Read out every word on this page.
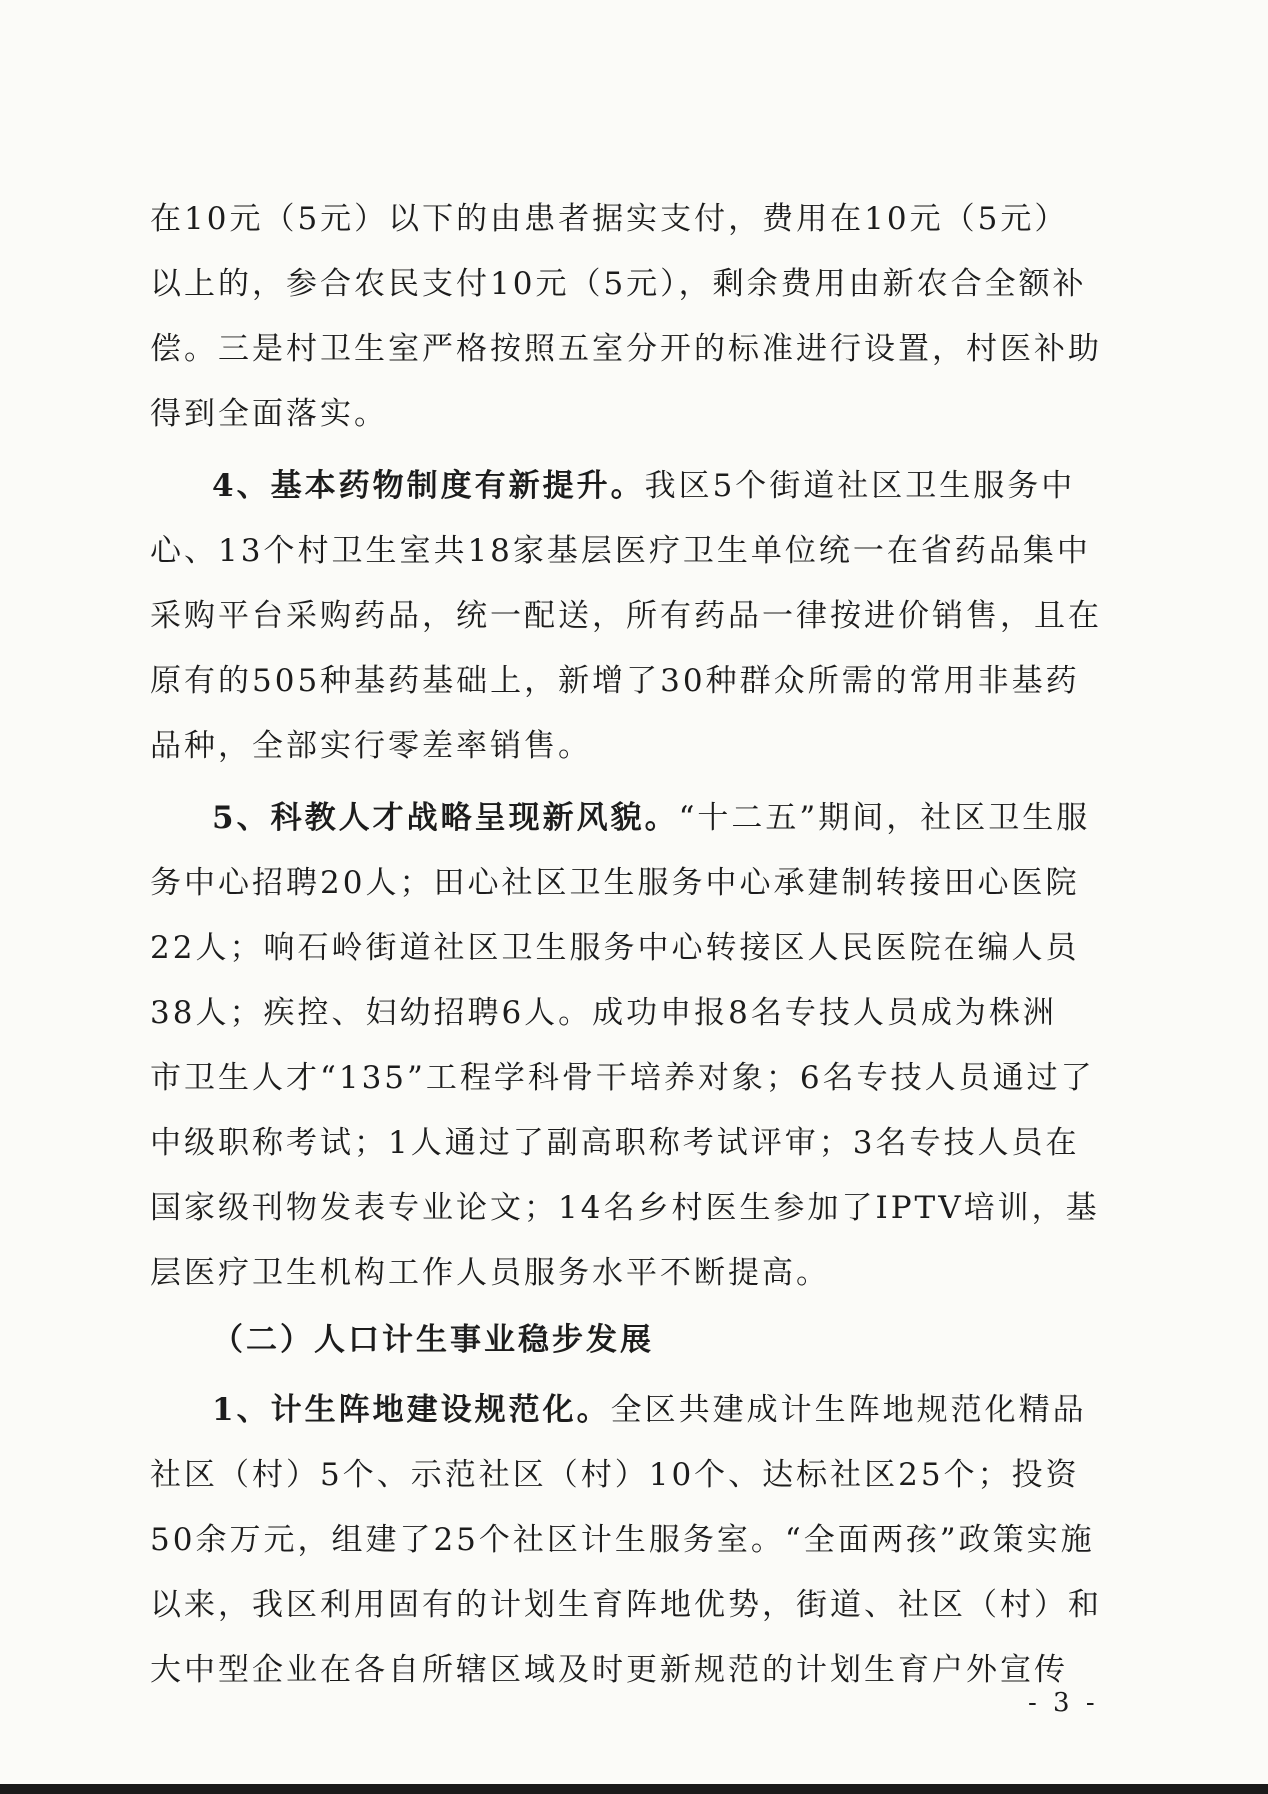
在10元（5元）以下的由患者据实支付，费用在10元（5元）
以上的，参合农民支付10元（5元），剩余费用由新农合全额补
偿。三是村卫生室严格按照五室分开的标准进行设置，村医补助
得到全面落实。
4、基本药物制度有新提升。我区5个街道社区卫生服务中
心、13个村卫生室共18家基层医疗卫生单位统一在省药品集中
采购平台采购药品，统一配送，所有药品一律按进价销售，且在
原有的505种基药基础上，新增了30种群众所需的常用非基药
品种，全部实行零差率销售。
5、科教人才战略呈现新风貌。“十二五”期间，社区卫生服
务中心招聘20人；田心社区卫生服务中心承建制转接田心医院
22人；响石岭街道社区卫生服务中心转接区人民医院在编人员
38人；疾控、妇幼招聘6人。成功申报8名专技人员成为株洲
市卫生人才“135”工程学科骨干培养对象；6名专技人员通过了
中级职称考试；1人通过了副高职称考试评审；3名专技人员在
国家级刊物发表专业论文；14名乡村医生参加了IPTV培训，基
层医疗卫生机构工作人员服务水平不断提高。
（二）人口计生事业稳步发展
1、计生阵地建设规范化。全区共建成计生阵地规范化精品
社区（村）5个、示范社区（村）10个、达标社区25个；投资
50余万元，组建了25个社区计生服务室。“全面两孩”政策实施
以来，我区利用固有的计划生育阵地优势，街道、社区（村）和
大中型企业在各自所辖区域及时更新规范的计划生育户外宣传
- 3 -
